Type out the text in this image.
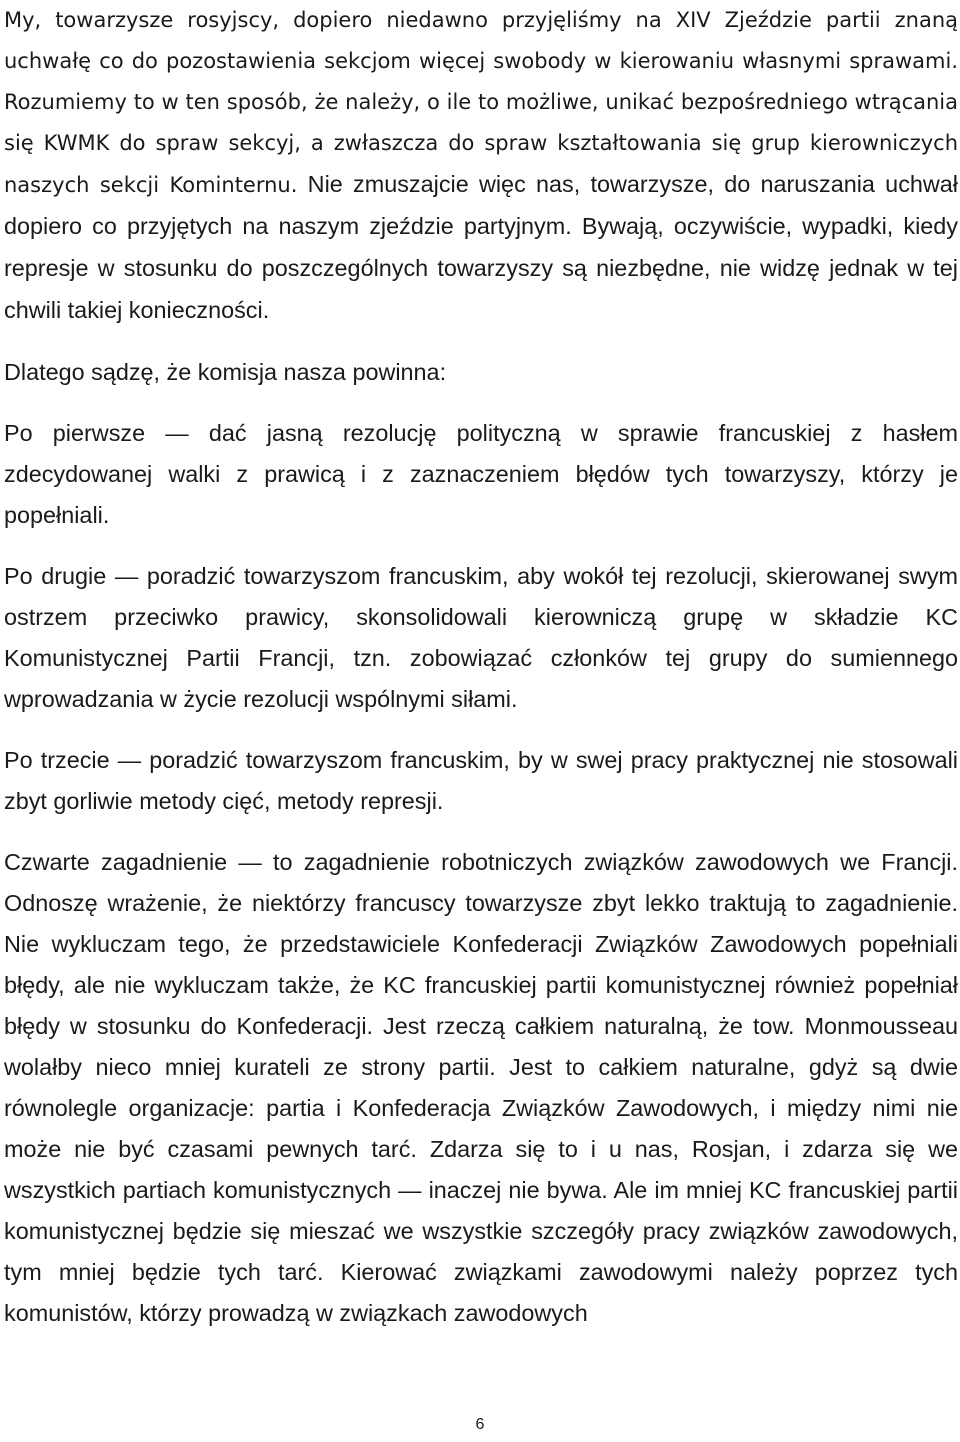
My, towarzysze rosyjscy, dopiero niedawno przyjęliśmy na XIV Zjeździe partii znaną uchwałę co do pozostawienia sekcjom więcej swobody w kierowaniu własnymi sprawami. Rozumiemy to w ten sposób, że należy, o ile to możliwe, unikać bezpośredniego wtrącania się KWMK do spraw sekcyj, a zwłaszcza do spraw kształtowania się grup kierowniczych naszych sekcji Kominternu. Nie zmuszajcie więc nas, towarzysze, do naruszania uchwał dopiero co przyjętych na naszym zjeździe partyjnym. Bywają, oczywiście, wypadki, kiedy represje w stosunku do poszczególnych towarzyszy są niezbędne, nie widzę jednak w tej chwili takiej konieczności.

Dlatego sądzę, że komisja nasza powinna:

Po pierwsze ― dać jasną rezolucję polityczną w sprawie francuskiej z hasłem zdecydowanej walki z prawicą i z zaznaczeniem błędów tych towarzyszy, którzy je popełniali.

Po drugie ― poradzić towarzyszom francuskim, aby wokół tej rezolucji, skierowanej swym ostrzem przeciwko prawicy, skonsolidowali kierowniczą grupę w składzie KC Komunistycznej Partii Francji, tzn. zobowiązać członków tej grupy do sumiennego wprowadzania w życie rezolucji wspólnymi siłami.

Po trzecie ― poradzić towarzyszom francuskim, by w swej pracy praktycznej nie stosowali zbyt gorliwie metody cięć, metody represji.

Czwarte zagadnienie ― to zagadnienie robotniczych związków zawodowych we Francji. Odnoszę wrażenie, że niektórzy francuscy towarzysze zbyt lekko traktują to zagadnienie. Nie wykluczam tego, że przedstawiciele Konfederacji Związków Zawodowych popełniali błędy, ale nie wykluczam także, że KC francuskiej partii komunistycznej również popełniał błędy w stosunku do Konfederacji. Jest rzeczą całkiem naturalną, że tow. Monmousseau wolałby nieco mniej kurateli ze strony partii. Jest to całkiem naturalne, gdyż są dwie równolegle organizacje: partia i Konfederacja Związków Zawodowych, i między nimi nie może nie być czasami pewnych tarć. Zdarza się to i u nas, Rosjan, i zdarza się we wszystkich partiach komunistycznych ― inaczej nie bywa. Ale im mniej KC francuskiej partii komunistycznej będzie się mieszać we wszystkie szczegóły pracy związków zawodowych, tym mniej będzie tych tarć. Kierować związkami zawodowymi należy poprzez tych komunistów, którzy prowadzą w związkach zawodowych

6
